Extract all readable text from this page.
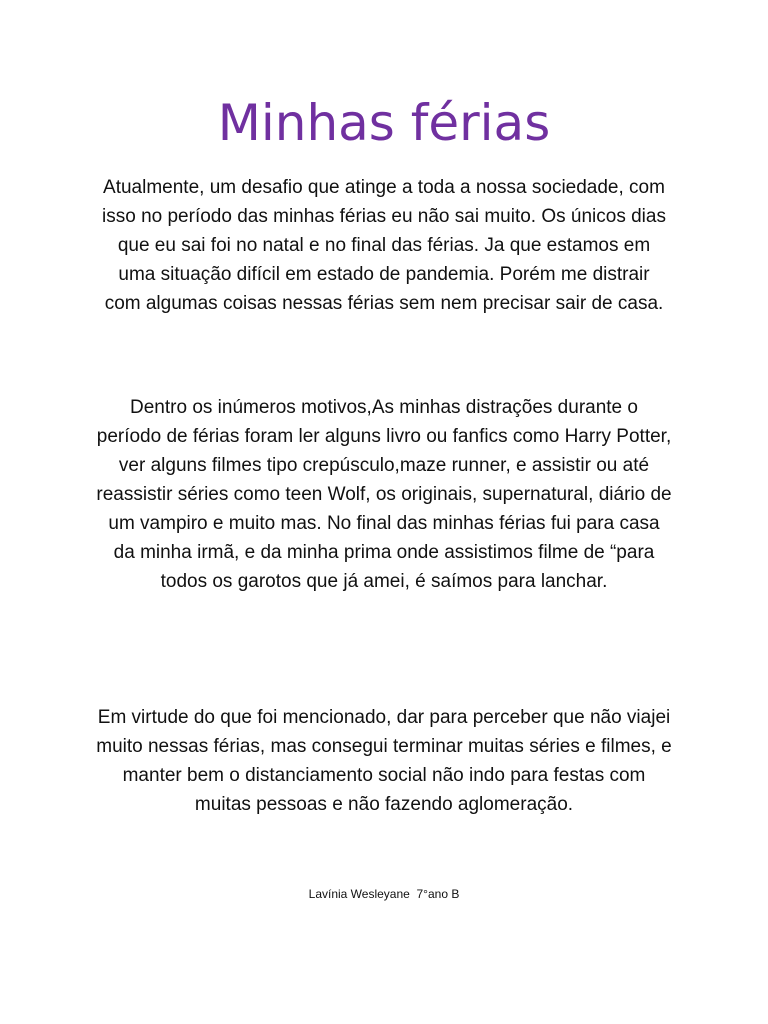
Minhas férias

Atualmente, um desafio que atinge a toda a nossa sociedade, com isso no período das minhas férias eu não sai muito. Os únicos dias que eu sai foi no natal e no final das férias. Ja que estamos em uma situação difícil em estado de pandemia. Porém me distrair com algumas coisas nessas férias sem nem precisar sair de casa.

Dentro os inúmeros motivos,As minhas distrações durante o período de férias foram ler alguns livro ou fanfics como Harry Potter, ver alguns filmes tipo crepúsculo,maze runner, e assistir ou até reassistir séries como teen Wolf, os originais, supernatural, diário de um vampiro e muito mas. No final das minhas férias fui para casa da minha irmã, e da minha prima onde assistimos filme de “para todos os garotos que já amei, é saímos para lanchar.

Em virtude do que foi mencionado, dar para perceber que não viajei muito nessas férias, mas consegui terminar muitas séries e filmes, e manter bem o distanciamento social não indo para festas com muitas pessoas e não fazendo aglomeração.

Lavínia Wesleyane  7°ano B
